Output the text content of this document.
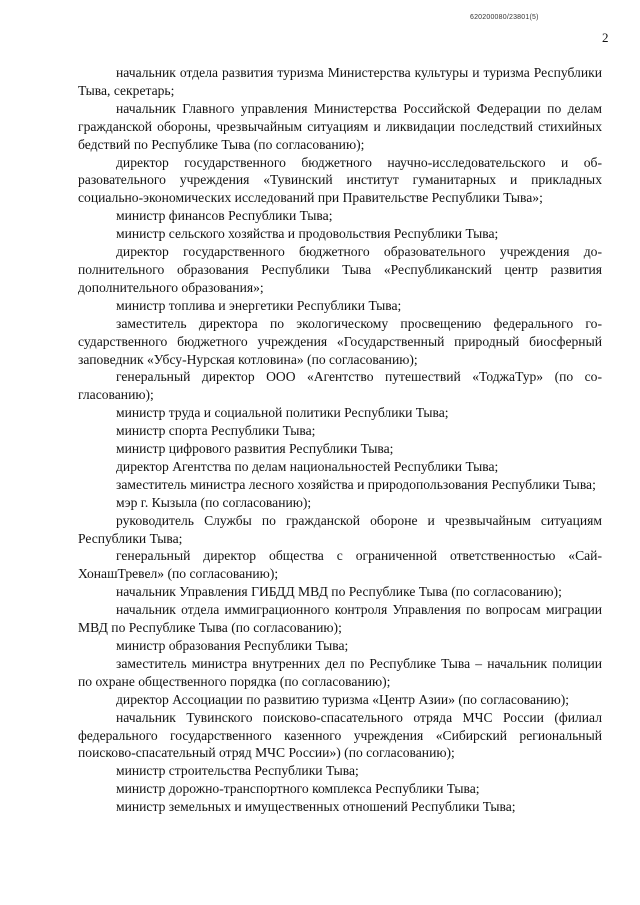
620200080/23801(5)
2

начальник отдела развития туризма Министерства культуры и туризма Республики Тыва, секретарь;

начальник Главного управления Министерства Российской Федерации по делам гражданской обороны, чрезвычайным ситуациям и ликвидации последствий стихийных бедствий по Республике Тыва (по согласованию);

директор государственного бюджетного научно-исследовательского и образовательного учреждения «Тувинский институт гуманитарных и прикладных социально-экономических исследований при Правительстве Республики Тыва»;

министр финансов Республики Тыва;

министр сельского хозяйства и продовольствия Республики Тыва;

директор государственного бюджетного образовательного учреждения дополнительного образования Республики Тыва «Республиканский центр развития дополнительного образования»;

министр топлива и энергетики Республики Тыва;

заместитель директора по экологическому просвещению федерального государственного бюджетного учреждения «Государственный природный биосферный заповедник «Убсу-Нурская котловина» (по согласованию);

генеральный директор ООО «Агентство путешествий «ТоджаТур» (по согласованию);

министр труда и социальной политики Республики Тыва;

министр спорта Республики Тыва;

министр цифрового развития Республики Тыва;

директор Агентства по делам национальностей Республики Тыва;

заместитель министра лесного хозяйства и природопользования Республики Тыва;

мэр г. Кызыла (по согласованию);

руководитель Службы по гражданской обороне и чрезвычайным ситуациям Республики Тыва;

генеральный директор общества с ограниченной ответственностью «СайХонашТревел» (по согласованию);

начальник Управления ГИБДД МВД по Республике Тыва (по согласованию);

начальник отдела иммиграционного контроля Управления по вопросам миграции МВД по Республике Тыва (по согласованию);

министр образования Республики Тыва;

заместитель министра внутренних дел по Республике Тыва – начальник полиции по охране общественного порядка (по согласованию);

директор Ассоциации по развитию туризма «Центр Азии» (по согласованию);

начальник Тувинского поисково-спасательного отряда МЧС России (филиал федерального государственного казенного учреждения «Сибирский региональный поисково-спасательный отряд МЧС России») (по согласованию);

министр строительства Республики Тыва;

министр дорожно-транспортного комплекса Республики Тыва;

министр земельных и имущественных отношений Республики Тыва;
